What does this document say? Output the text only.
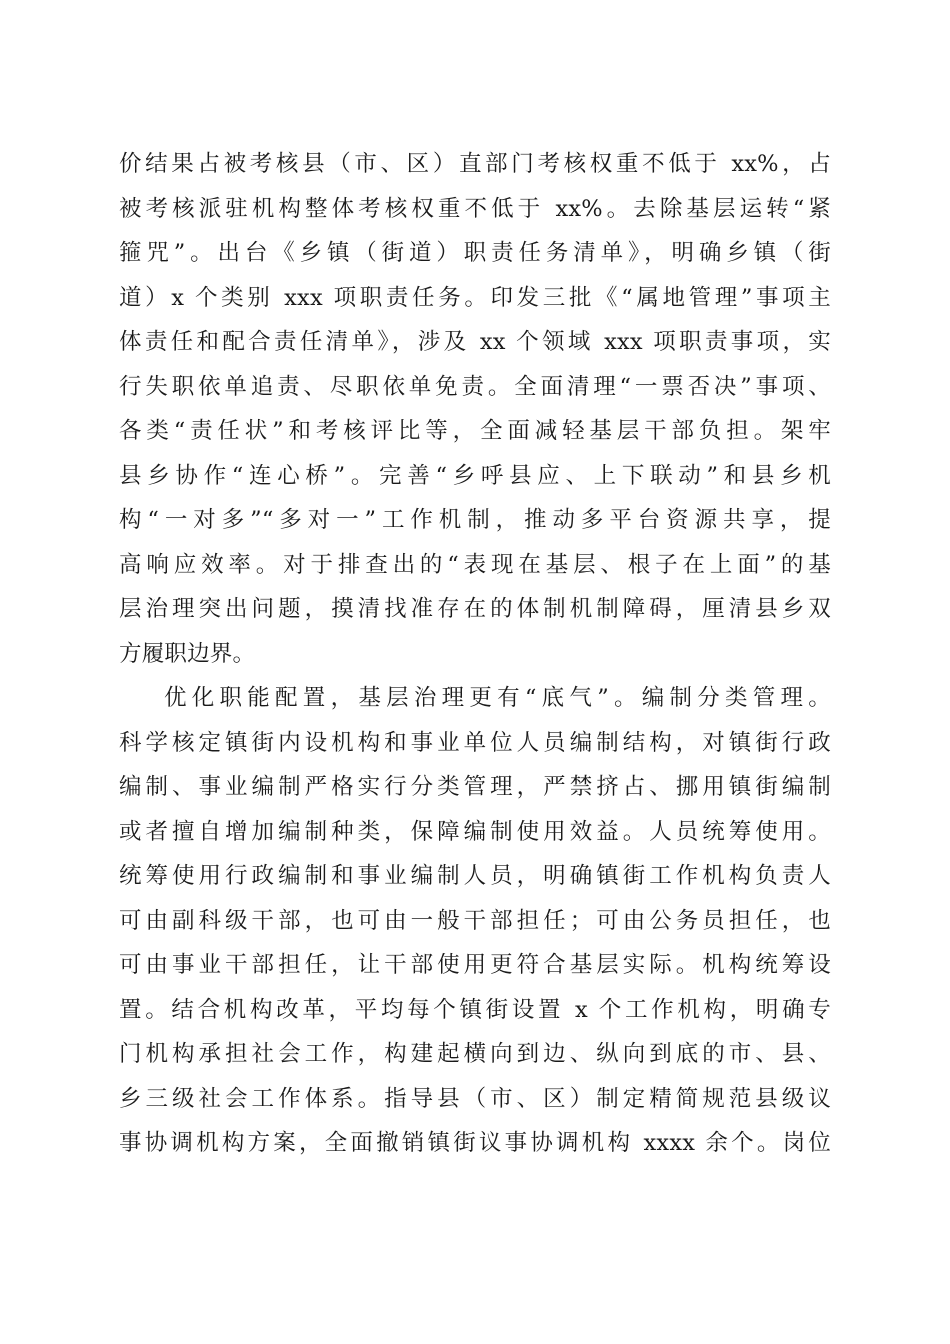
价结果占被考核县（市、区）直部门考核权重不低于 xx%，占
被考核派驻机构整体考核权重不低于 xx%。去除基层运转“紧
箍咒”。出台《乡镇（街道）职责任务清单》，明确乡镇（街
道）x 个类别 xxx 项职责任务。印发三批《“属地管理”事项主
体责任和配合责任清单》，涉及 xx 个领域 xxx 项职责事项，实
行失职依单追责、尽职依单免责。全面清理“一票否决”事项、
各类“责任状”和考核评比等，全面减轻基层干部负担。架牢
县乡协作“连心桥”。完善“乡呼县应、上下联动”和县乡机
构“一对多”“多对一”工作机制，推动多平台资源共享，提
高响应效率。对于排查出的“表现在基层、根子在上面”的基
层治理突出问题，摸清找准存在的体制机制障碍，厘清县乡双
方履职边界。
优化职能配置，基层治理更有“底气”。编制分类管理。
科学核定镇街内设机构和事业单位人员编制结构，对镇街行政
编制、事业编制严格实行分类管理，严禁挤占、挪用镇街编制
或者擅自增加编制种类，保障编制使用效益。人员统筹使用。
统筹使用行政编制和事业编制人员，明确镇街工作机构负责人
可由副科级干部，也可由一般干部担任；可由公务员担任，也
可由事业干部担任，让干部使用更符合基层实际。机构统筹设
置。结合机构改革，平均每个镇街设置 x 个工作机构，明确专
门机构承担社会工作，构建起横向到边、纵向到底的市、县、
乡三级社会工作体系。指导县（市、区）制定精简规范县级议
事协调机构方案，全面撤销镇街议事协调机构 xxxx 余个。岗位
